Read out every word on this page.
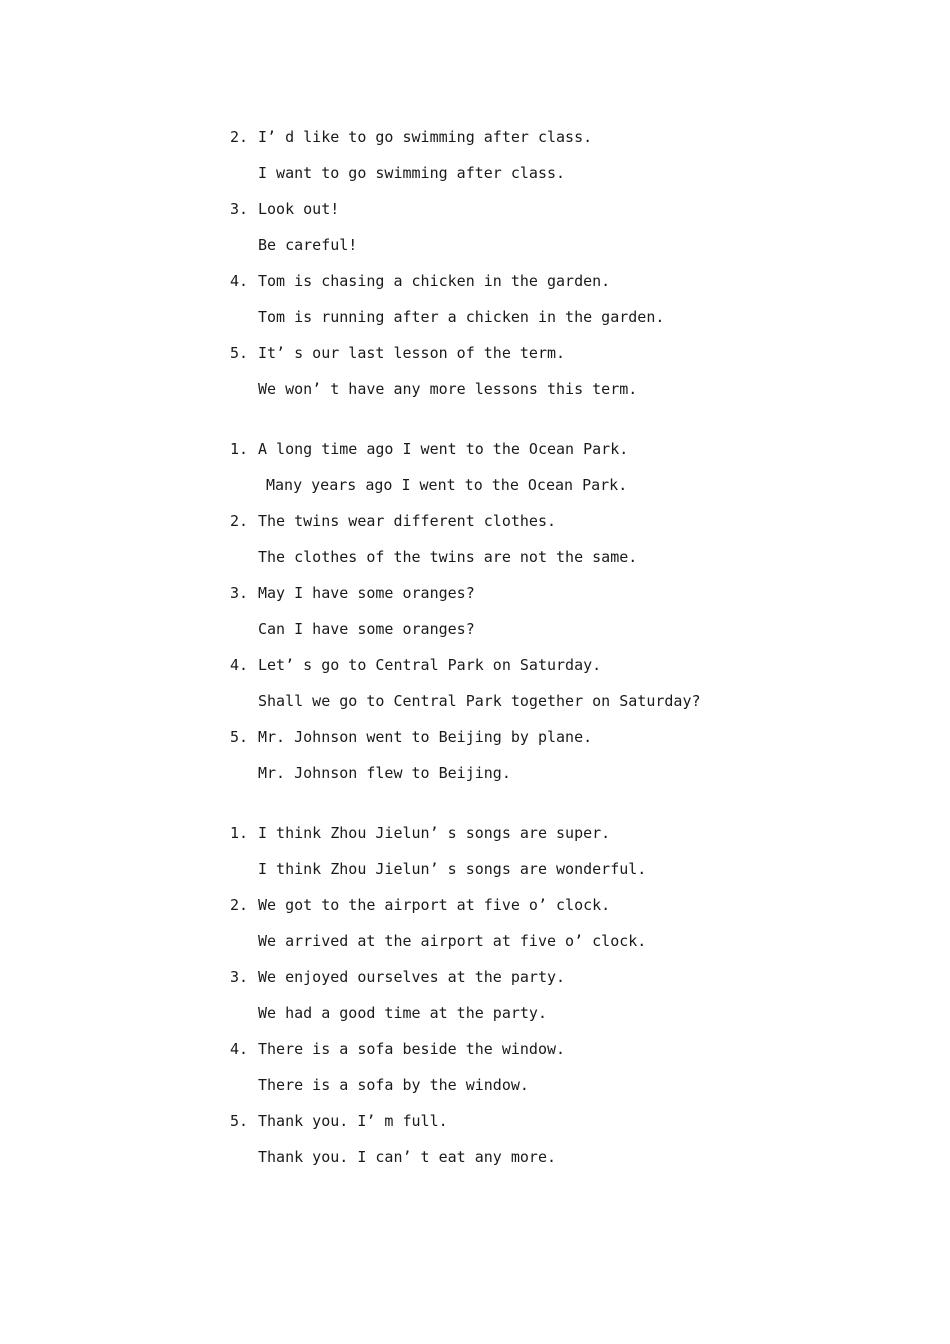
2. I’ d like to go swimming after class.
I want to go swimming after class.
3. Look out!
Be careful!
4. Tom is chasing a chicken in the garden.
Tom is running after a chicken in the garden.
5. It’ s our last lesson of the term.
We won’ t have any more lessons this term.
1. A long time ago I went to the Ocean Park.
Many years ago I went to the Ocean Park.
2. The twins wear different clothes.
The clothes of the twins are not the same.
3. May I have some oranges?
Can I have some oranges?
4. Let’ s go to Central Park on Saturday.
Shall we go to Central Park together on Saturday?
5. Mr. Johnson went to Beijing by plane.
Mr. Johnson flew to Beijing.
1. I think Zhou Jielun’ s songs are super.
I think Zhou Jielun’ s songs are wonderful.
2. We got to the airport at five o’ clock.
We arrived at the airport at five o’ clock.
3. We enjoyed ourselves at the party.
We had a good time at the party.
4. There is a sofa beside the window.
There is a sofa by the window.
5. Thank you. I’ m full.
Thank you. I can’ t eat any more.
